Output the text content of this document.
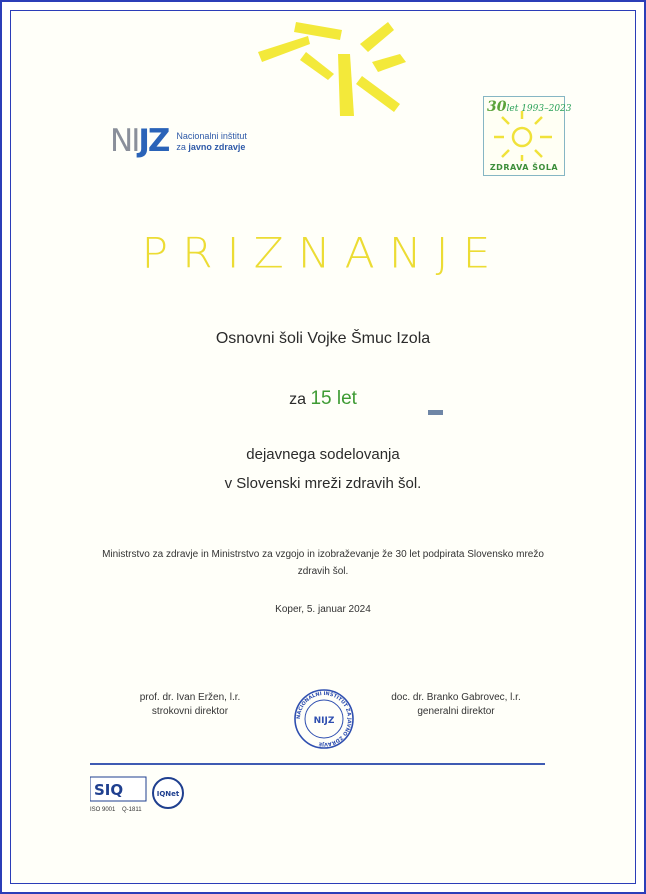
NIJZ Nacionalni inštitut
za javno zdravje
30let 1993–2023
ZDRAVA ŠOLA
PRIZNANJE
Osnovni šoli Vojke Šmuc Izola
za 15 let
dejavnega sodelovanja
v Slovenski mreži zdravih šol.
Ministrstvo za zdravje in Ministrstvo za vzgojo in izobraževanje že 30 let podpirata Slovensko mrežo zdravih šol.
Koper, 5. januar 2024
prof. dr. Ivan Eržen, l.r.
strokovni direktor	NACIONALNI INŠTITUT ZA JAVNO ZDRAVJE
NIJZ
doc. dr. Branko Gabrovec, l.r.
generalni direktor
SIQ
ISO 9001 Q-1811
IQNet
